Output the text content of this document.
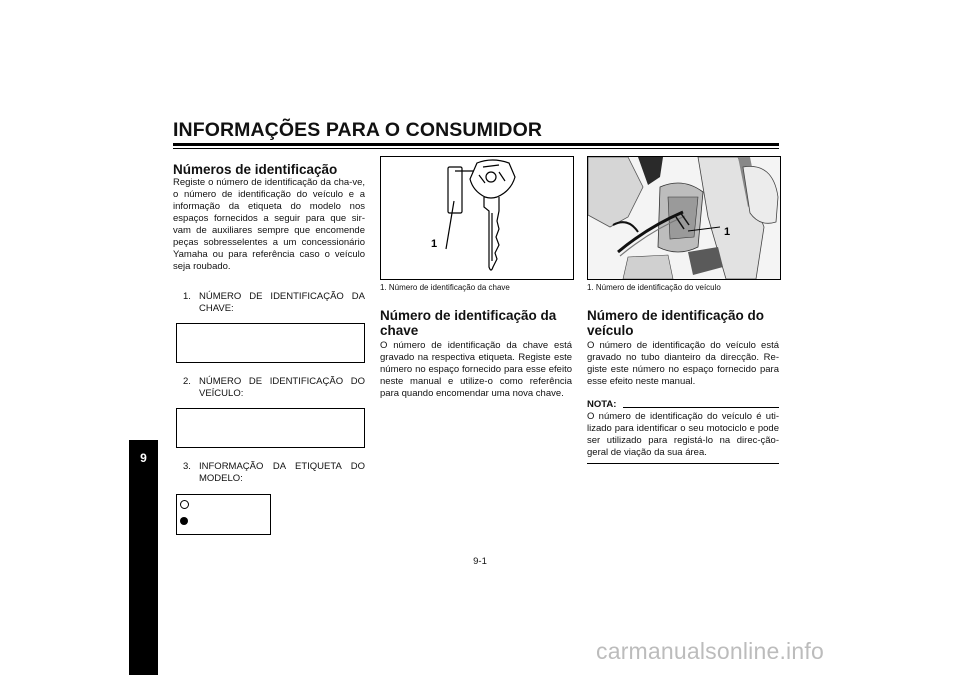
INFORMAÇÕES PARA O CONSUMIDOR
9
Números de identificação
Registe o número de identificação da cha-ve, o número de identificação do veículo e a informação da etiqueta do modelo nos espaços fornecidos a seguir para que sir-vam de auxiliares sempre que encomende peças sobresselentes a um concessionário Yamaha ou para referência caso o veículo seja roubado.
1. NÚMERO DE IDENTIFICAÇÃO DA CHAVE:
2. NÚMERO DE IDENTIFICAÇÃO DO VEÍCULO:
3. INFORMAÇÃO DA ETIQUETA DO MODELO:
1
1. Número de identificação da chave
Número de identificação da chave
O número de identificação da chave está gravado na respectiva etiqueta. Registe este número no espaço fornecido para esse efeito neste manual e utilize-o como referência para quando encomendar uma nova chave.
1
1. Número de identificação do veículo
Número de identificação do veículo
O número de identificação do veículo está gravado no tubo dianteiro da direcção. Re-giste este número no espaço fornecido para esse efeito neste manual.
NOTA:
O número de identificação do veículo é uti-lizado para identificar o seu motociclo e pode ser utilizado para registá-lo na direc-ção-geral de viação da sua área.
9-1
carmanualsonline.info
